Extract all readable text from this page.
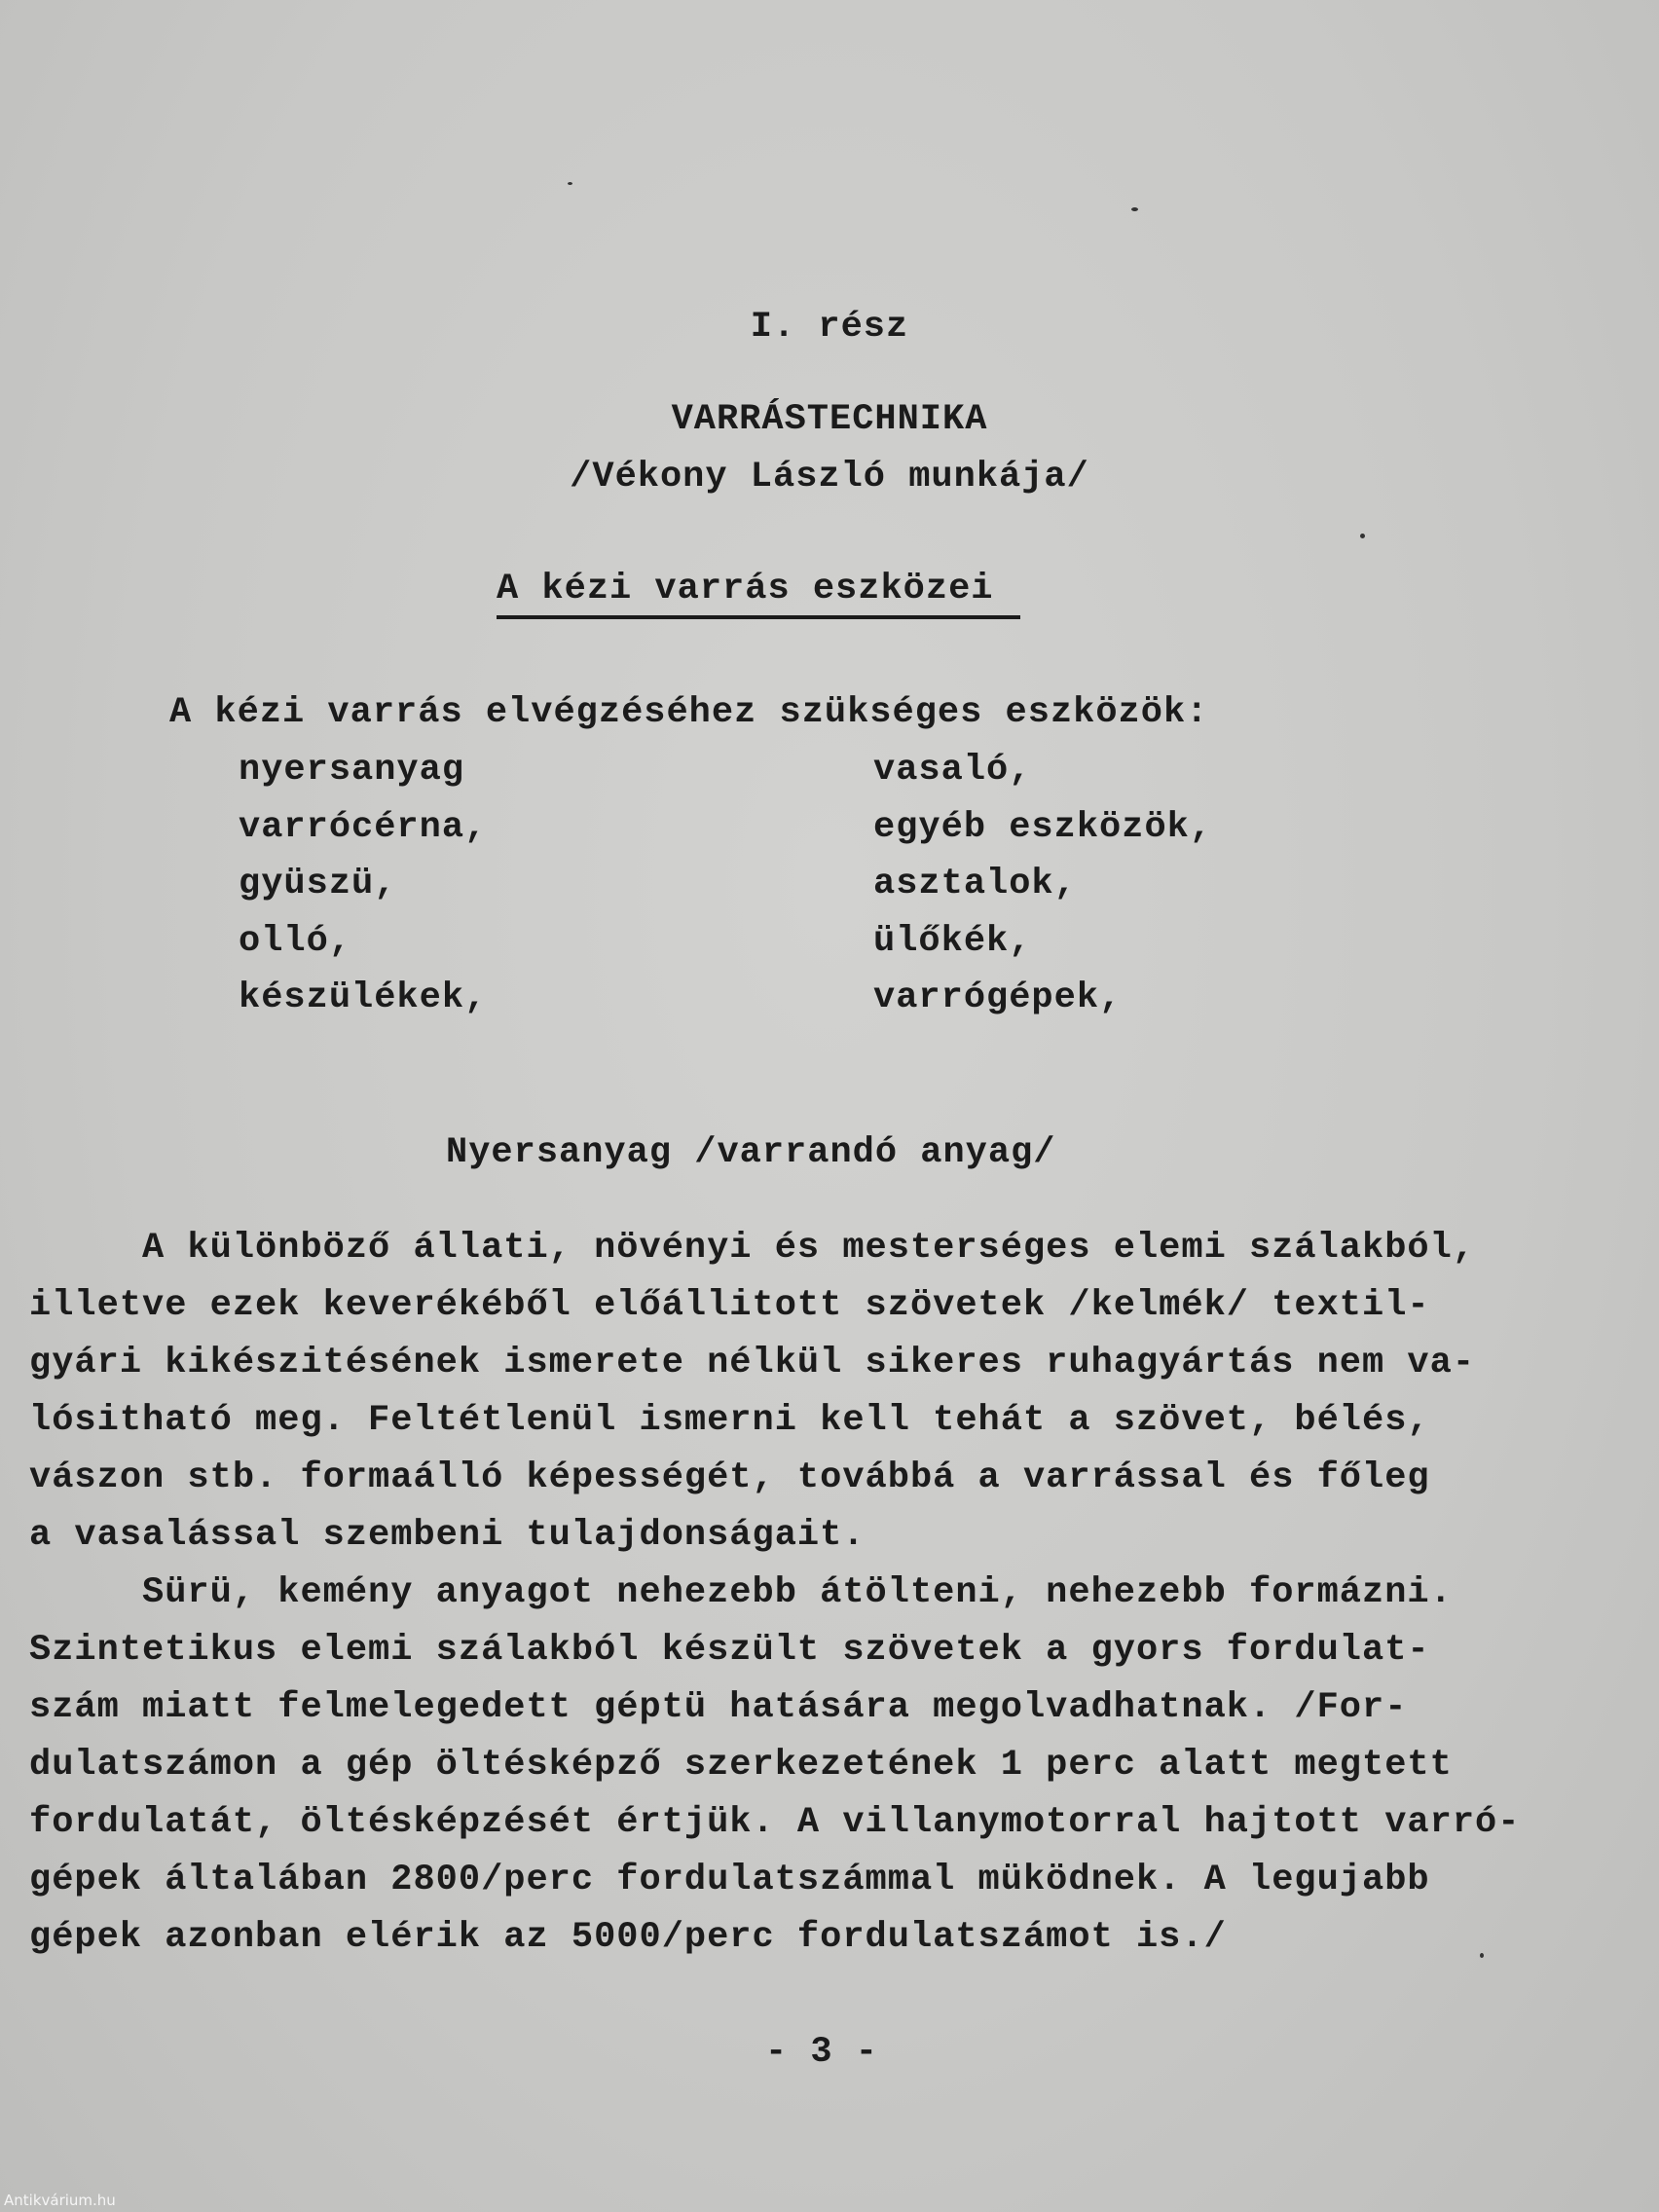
I. rész
VARRÁSTECHNIKA
/Vékony László munkája/
A kézi varrás eszközei
A kézi varrás elvégzéséhez szükséges eszközök:
nyersanyag
varrócérna,
gyüszü,
olló,
készülékek,
vasaló,
egyéb eszközök,
asztalok,
ülőkék,
varrógépek,
Nyersanyag /varrandó anyag/
A különböző állati, növényi és mesterséges elemi szálakból,
illetve ezek keverékéből előállitott szövetek /kelmék/ textil-
gyári kikészitésének ismerete nélkül sikeres ruhagyártás nem va-
lósitható meg. Feltétlenül ismerni kell tehát a szövet, bélés,
vászon stb. formaálló képességét, továbbá a varrással és főleg
a vasalással szembeni tulajdonságait.
Sürü, kemény anyagot nehezebb átölteni, nehezebb formázni.
Szintetikus elemi szálakból készült szövetek a gyors fordulat-
szám miatt felmelegedett géptü hatására megolvadhatnak. /For-
dulatszámon a gép öltésképző szerkezetének 1 perc alatt megtett
fordulatát, öltésképzését értjük. A villanymotorral hajtott varró-
gépek általában 2800/perc fordulatszámmal müködnek. A legujabb
gépek azonban elérik az 5000/perc fordulatszámot is./
- 3 -
Antikvárium.hu
